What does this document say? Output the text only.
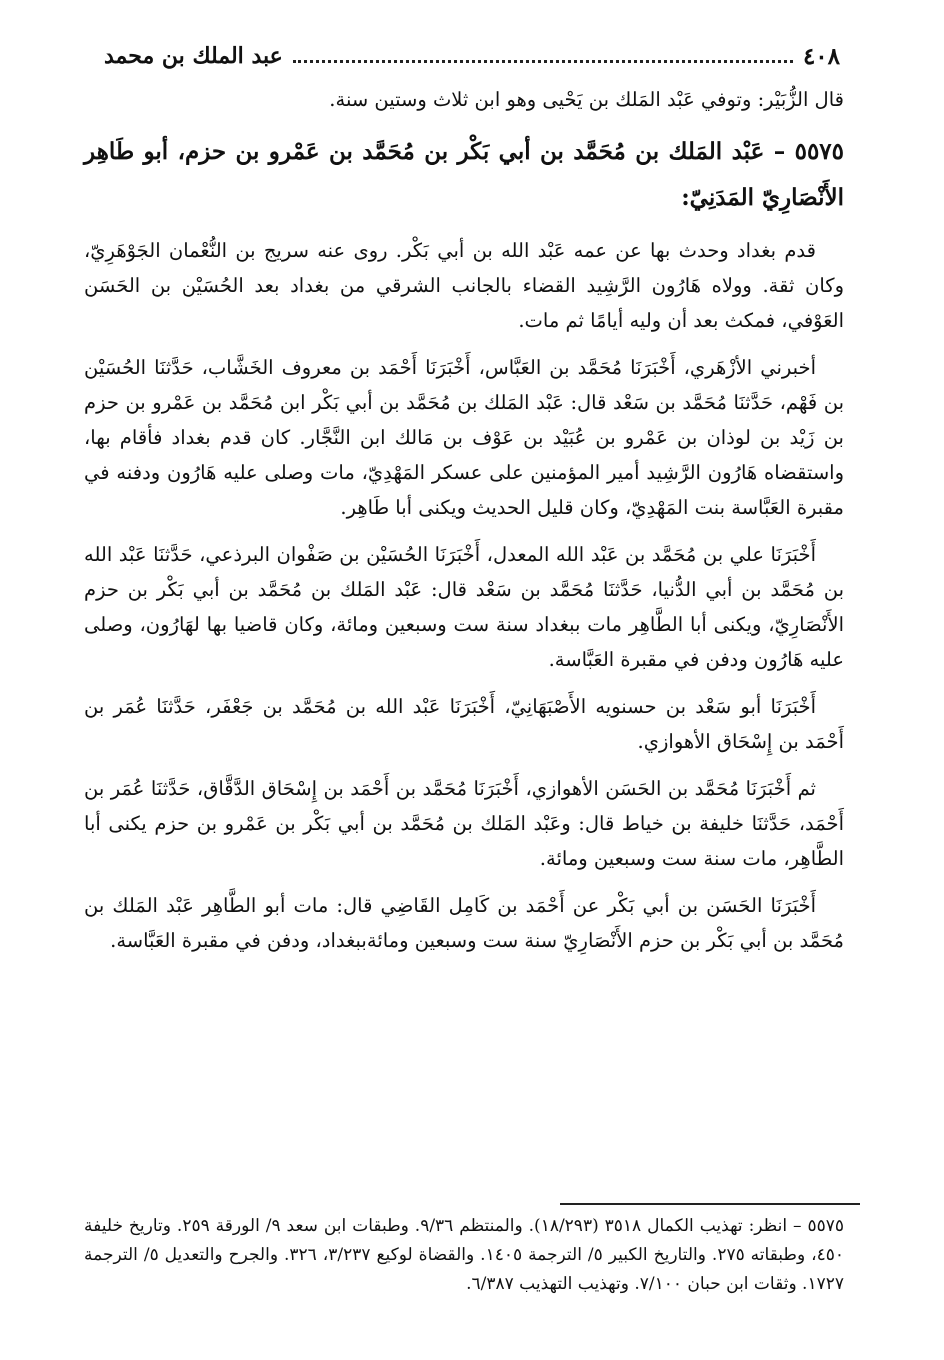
٤٠٨
عبد الملك بن محمد

قال الزُّبَيْر: وتوفي عَبْد المَلك بن يَحْيى وهو ابن ثلاث وستين سنة.

٥٥٧٥ – عَبْد المَلك بن مُحَمَّد بن أبي بَكْر بن مُحَمَّد بن عَمْرو بن حزم، أبو طَاهِر الأَنْصَارِيّ المَدَنِيّ:

قدم بغداد وحدث بها عن عمه عَبْد الله بن أبي بَكْر. روى عنه سريج بن النُّعْمان الجَوْهَرِيّ، وكان ثقة. وولاه هَارُون الرَّشِيد القضاء بالجانب الشرقي من بغداد بعد الحُسَيْن بن الحَسَن العَوْفي، فمكث بعد أن وليه أيامًا ثم مات.

أخبرني الأزْهَري، أَخْبَرَنَا مُحَمَّد بن العَبَّاس، أَخْبَرَنَا أَحْمَد بن معروف الخَشَّاب، حَدَّثنَا الحُسَيْن بن فَهْم، حَدَّثنَا مُحَمَّد بن سَعْد قال: عَبْد المَلك بن مُحَمَّد بن أبي بَكْر ابن مُحَمَّد بن عَمْرو بن حزم بن زَيْد بن لوذان بن عَمْرو بن عُبَيْد بن عَوْف بن مَالك ابن النَّجَّار. كان قدم بغداد فأقام بها، واستقضاه هَارُون الرَّشِيد أمير المؤمنين على عسكر المَهْدِيّ، مات وصلى عليه هَارُون ودفنه في مقبرة العَبَّاسة بنت المَهْدِيّ، وكان قليل الحديث ويكنى أبا طَاهِر.

أَخْبَرَنَا علي بن مُحَمَّد بن عَبْد الله المعدل، أَخْبَرَنَا الحُسَيْن بن صَفْوان البرذعي، حَدَّثنَا عَبْد الله بن مُحَمَّد بن أبي الدُّنيا، حَدَّثنَا مُحَمَّد بن سَعْد قال: عَبْد المَلك بن مُحَمَّد بن أبي بَكْر بن حزم الأَنْصَارِيّ، ويكنى أبا الطَّاهِر مات ببغداد سنة ست وسبعين ومائة، وكان قاضيا بها لهَارُون، وصلى عليه هَارُون ودفن في مقبرة العَبَّاسة.

أَخْبَرَنَا أبو سَعْد بن حسنويه الأَصْبَهَانِيّ، أَخْبَرَنَا عَبْد الله بن مُحَمَّد بن جَعْفَر، حَدَّثنَا عُمَر بن أَحْمَد بن إِسْحَاق الأهوازي.

ثم أَخْبَرَنَا مُحَمَّد بن الحَسَن الأهوازي، أَخْبَرَنَا مُحَمَّد بن أَحْمَد بن إِسْحَاق الدَّقَّاق، حَدَّثنَا عُمَر بن أَحْمَد، حَدَّثنَا خليفة بن خياط قال: وعَبْد المَلك بن مُحَمَّد بن أبي بَكْر بن عَمْرو بن حزم يكنى أبا الطَّاهِر، مات سنة ست وسبعين ومائة.

أَخْبَرَنَا الحَسَن بن أبي بَكْر عن أَحْمَد بن كَامِل القَاضِي قال: مات أبو الطَّاهِر عَبْد المَلك بن مُحَمَّد بن أبي بَكْر بن حزم الأَنْصَارِيّ سنة ست وسبعين ومائةببغداد، ودفن في مقبرة العَبَّاسة.

٥٥٧٥ – انظر: تهذيب الكمال ٣٥١٨ (١٨/٢٩٣). والمنتظم ٩/٣٦. وطبقات ابن سعد ٩/ الورقة ٢٥٩. وتاريخ خليفة ٤٥٠، وطبقاته ٢٧٥. والتاريخ الكبير ٥/ الترجمة ١٤٠٥. والقضاة لوكيع ٣/٢٣٧، ٣٢٦. والجرح والتعديل ٥/ الترجمة ١٧٢٧. وثقات ابن حبان ٧/١٠٠. وتهذيب التهذيب ٦/٣٨٧.
